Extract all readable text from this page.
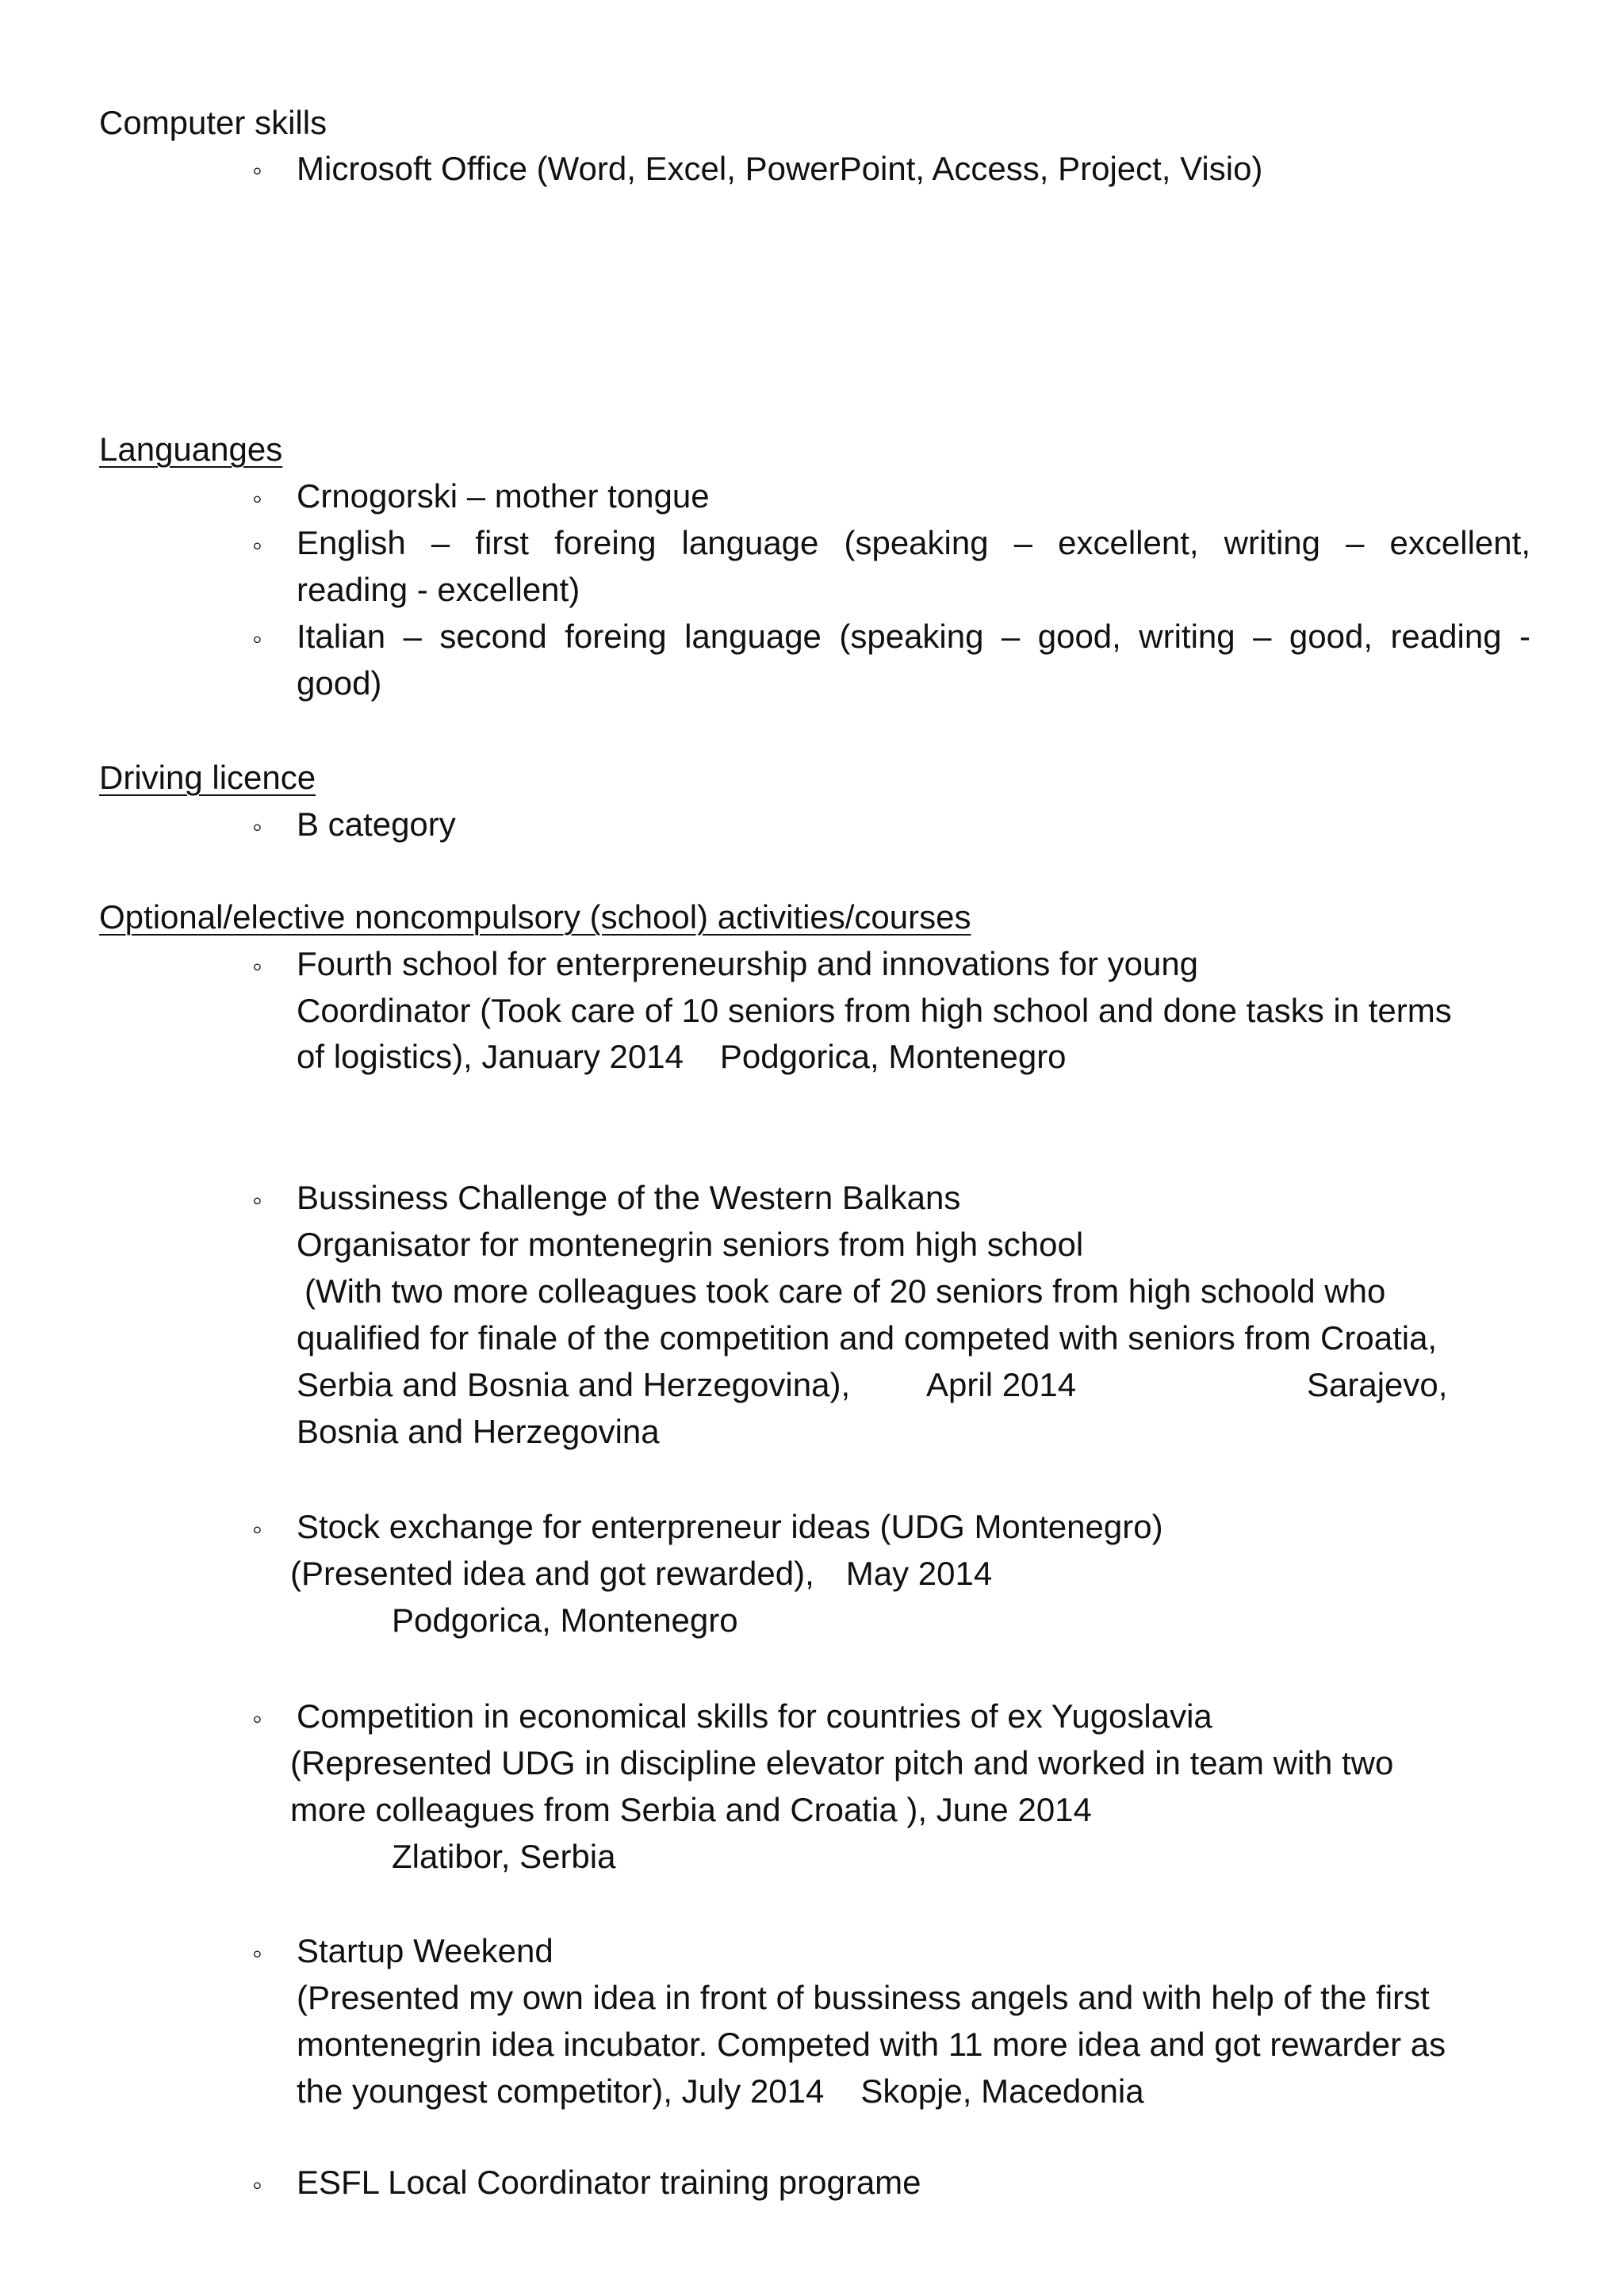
Computer skills
◦ Microsoft Office (Word, Excel, PowerPoint, Access, Project, Visio)
Languanges
◦ Crnogorski – mother tongue
◦ English – first foreing language (speaking – excellent, writing – excellent,
reading - excellent)
◦ Italian – second foreing language (speaking – good, writing – good, reading -
good)
Driving licence
◦ B category
Optional/elective noncompulsory (school) activities/courses
◦ Fourth school for enterpreneurship and innovations for young
Coordinator (Took care of 10 seniors from high school and done tasks in terms
of logistics), January 2014 Podgorica, Montenegro
◦ Bussiness Challenge of the Western Balkans
Organisator for montenegrin seniors from high school
(With two more colleagues took care of 20 seniors from high schoold who
qualified for finale of the competition and competed with seniors from Croatia,
Serbia and Bosnia and Herzegovina), April 2014	Sarajevo,
Bosnia and Herzegovina
◦ Stock exchange for enterpreneur ideas (UDG Montenegro)
(Presented idea and got rewarded), May 2014
Podgorica, Montenegro
◦ Competition in economical skills for countries of ex Yugoslavia
(Represented UDG in discipline elevator pitch and worked in team with two
more colleagues from Serbia and Croatia ), June 2014
Zlatibor, Serbia
◦ Startup Weekend
(Presented my own idea in front of bussiness angels and with help of the first
montenegrin idea incubator. Competed with 11 more idea and got rewarder as
the youngest competitor), July 2014 Skopje, Macedonia
◦ ESFL Local Coordinator training programe
